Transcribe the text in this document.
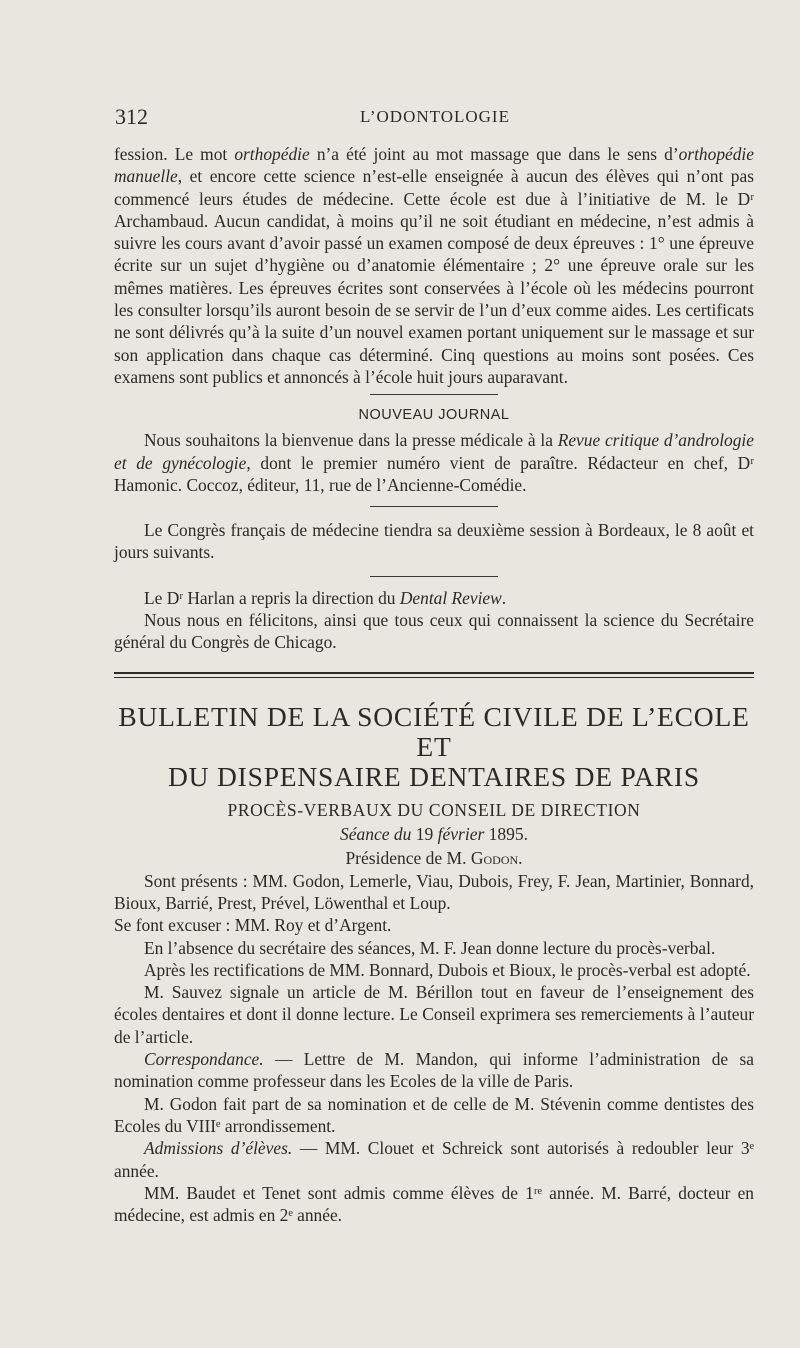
312	L’ODONTOLOGIE

fession. Le mot orthopédie n’a été joint au mot massage que dans le sens d’orthopédie manuelle, et encore cette science n’est-elle enseignée à aucun des élèves qui n’ont pas commencé leurs études de médecine. Cette école est due à l’initiative de M. le Dʳ Archambaud. Aucun candidat, à moins qu’il ne soit étudiant en médecine, n’est admis à suivre les cours avant d’avoir passé un examen composé de deux épreuves : 1° une épreuve écrite sur un sujet d’hygiène ou d’anatomie élémentaire ; 2° une épreuve orale sur les mêmes matières. Les épreuves écrites sont conservées à l’école où les médecins pourront les consulter lorsqu’ils auront besoin de se servir de l’un d’eux comme aides. Les certificats ne sont délivrés qu’à la suite d’un nouvel examen portant uniquement sur le massage et sur son application dans chaque cas déterminé. Cinq questions au moins sont posées. Ces examens sont publics et annoncés à l’école huit jours auparavant.

NOUVEAU JOURNAL

Nous souhaitons la bienvenue dans la presse médicale à la Revue critique d’andrologie et de gynécologie, dont le premier numéro vient de paraître. Rédacteur en chef, Dʳ Hamonic. Coccoz, éditeur, 11, rue de l’Ancienne-Comédie.

Le Congrès français de médecine tiendra sa deuxième session à Bordeaux, le 8 août et jours suivants.

Le Dʳ Harlan a repris la direction du Dental Review.

Nous nous en félicitons, ainsi que tous ceux qui connaissent la science du Secrétaire général du Congrès de Chicago.

BULLETIN DE LA SOCIÉTÉ CIVILE DE L’ECOLE ET
DU DISPENSAIRE DENTAIRES DE PARIS
PROCÈS-VERBAUX DU CONSEIL DE DIRECTION
Séance du 19 février 1895.
Présidence de M. Godon.

Sont présents : MM. Godon, Lemerle, Viau, Dubois, Frey, F. Jean, Martinier, Bonnard, Bioux, Barrié, Prest, Prével, Löwenthal et Loup.

Se font excuser : MM. Roy et d’Argent.

En l’absence du secrétaire des séances, M. F. Jean donne lecture du procès-verbal.

Après les rectifications de MM. Bonnard, Dubois et Bioux, le procès-verbal est adopté.

M. Sauvez signale un article de M. Bérillon tout en faveur de l’enseignement des écoles dentaires et dont il donne lecture. Le Conseil exprimera ses remerciements à l’auteur de l’article.

Correspondance. — Lettre de M. Mandon, qui informe l’administration de sa nomination comme professeur dans les Ecoles de la ville de Paris.

M. Godon fait part de sa nomination et de celle de M. Stévenin comme dentistes des Ecoles du VIIIᵉ arrondissement.

Admissions d’élèves. — MM. Clouet et Schreick sont autorisés à redoubler leur 3ᵉ année.

MM. Baudet et Tenet sont admis comme élèves de 1ʳᵉ année. M. Barré, docteur en médecine, est admis en 2ᵉ année.
